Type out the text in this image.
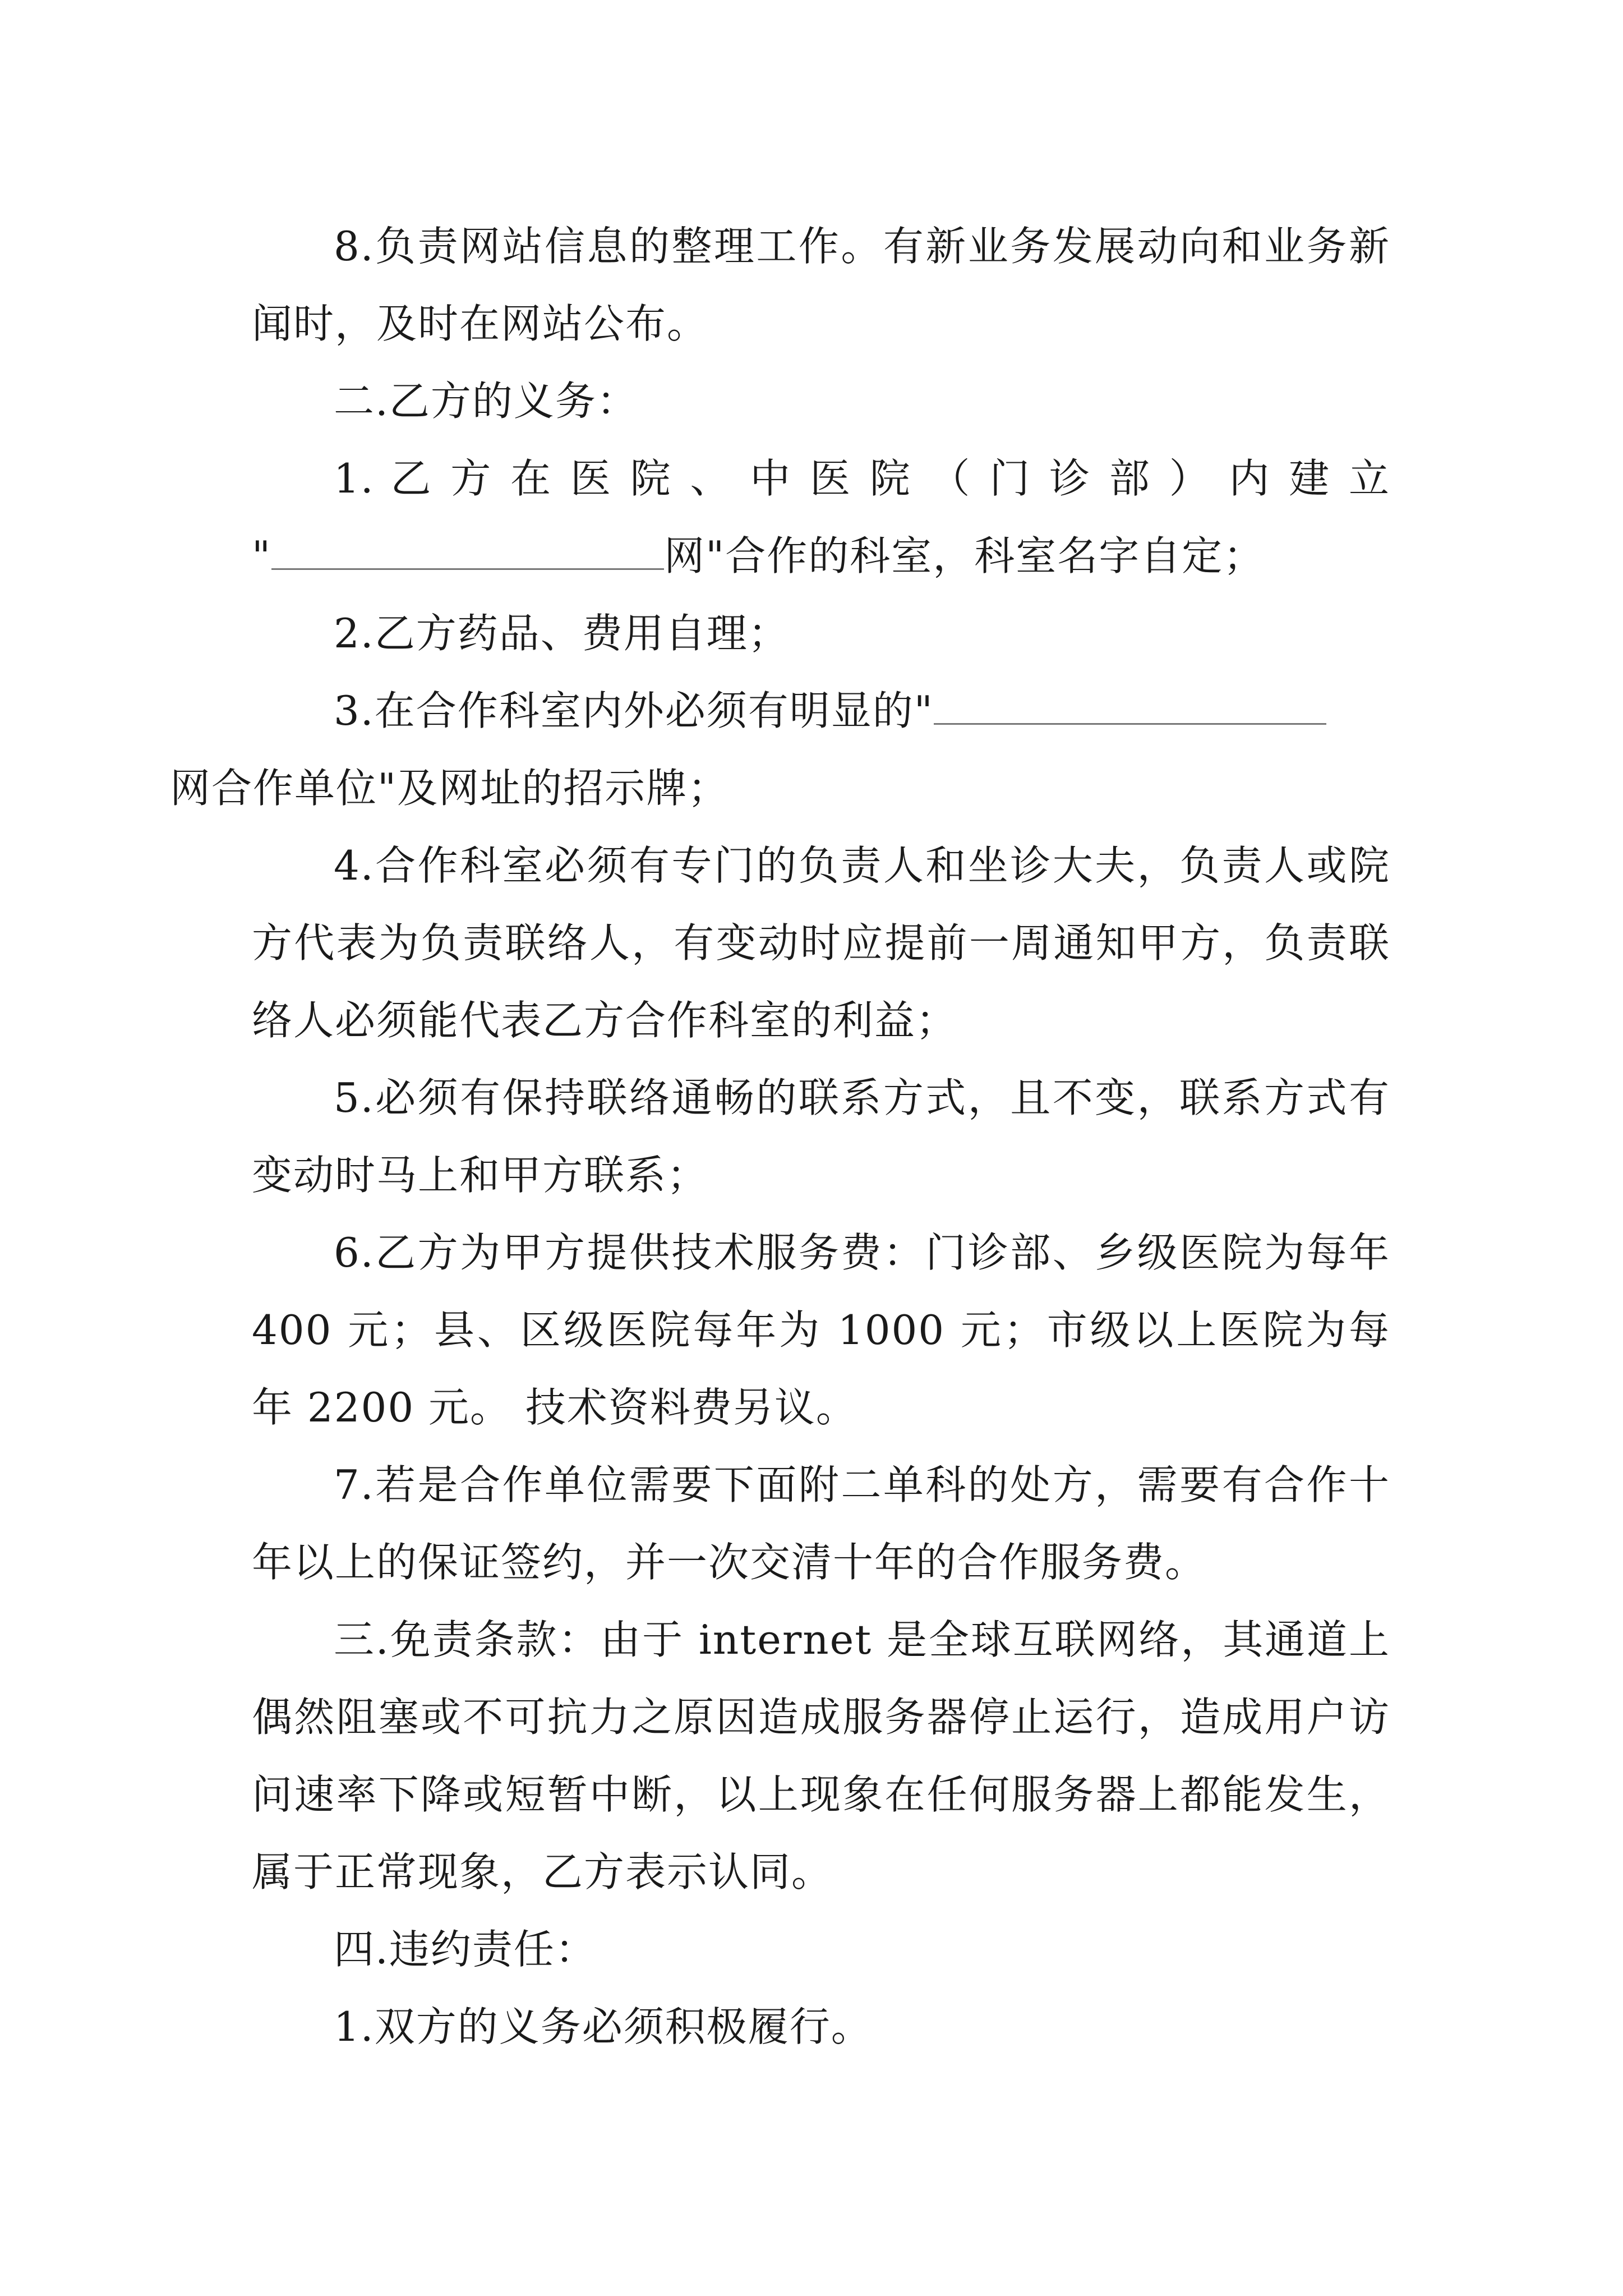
8.负责网站信息的整理工作。有新业务发展动向和业务新闻时，及时在网站公布。

二.乙方的义务：

1. 乙 方 在 医 院 、 中 医 院 （ 门 诊 部 ） 内 建 立

"	网"合作的科室，科室名字自定；

2.乙方药品、费用自理；

3.在合作科室内外必须有明显的"
网合作单位"及网址的招示牌；

4.合作科室必须有专门的负责人和坐诊大夫，负责人或院方代表为负责联络人，有变动时应提前一周通知甲方，负责联络人必须能代表乙方合作科室的利益；

5.必须有保持联络通畅的联系方式，且不变，联系方式有变动时马上和甲方联系；

6.乙方为甲方提供技术服务费：门诊部、乡级医院为每年 400 元；县、区级医院每年为 1000 元；市级以上医院为每年 2200 元。 技术资料费另议。

7.若是合作单位需要下面附二单科的处方，需要有合作十年以上的保证签约，并一次交清十年的合作服务费。

三.免责条款：由于 internet 是全球互联网络，其通道上偶然阻塞或不可抗力之原因造成服务器停止运行，造成用户访问速率下降或短暂中断，以上现象在任何服务器上都能发生，属于正常现象，乙方表示认同。

四.违约责任：

1.双方的义务必须积极履行。
